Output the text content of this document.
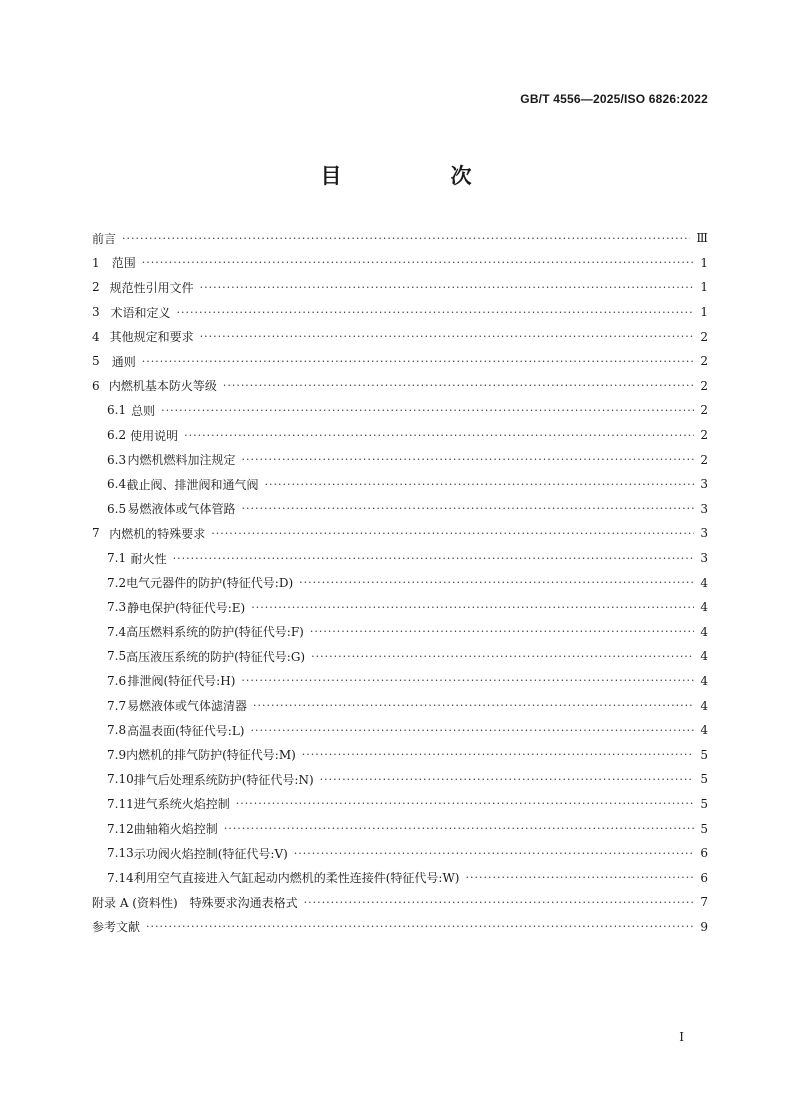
GB/T 4556—2025/ISO 6826:2022
目　次
前言 ·····	Ⅲ
1	范围 ·····	1
2 规范性引用文件 ·····	1
3 术语和定义 ·····	1
4 其他规定和要求 ·····	2
5	通则 ·····	2
6 内燃机基本防火等级 ·····	2
6.1 总则 ·····	2
6.2 使用说明 ·····	2
6.3 内燃机燃料加注规定 ·····	2
6.4 截止阀、排泄阀和通气阀 ·····	3
6.5 易燃液体或气体管路 ·····	3
7 内燃机的特殊要求 ·····	3
7.1 耐火性 ·····	3
7.2 电气元器件的防护(特征代号:D) ·····	4
7.3 静电保护(特征代号:E) ·····	4
7.4 高压燃料系统的防护(特征代号:F) ·····	4
7.5 高压液压系统的防护(特征代号:G) ·····	4
7.6 排泄阀(特征代号:H) ·····	4
7.7 易燃液体或气体滤清器 ·····	4
7.8 高温表面(特征代号:L) ·····	4
7.9 内燃机的排气防护(特征代号:M) ·····	5
7.10 排气后处理系统防护(特征代号:N) ·····	5
7.11 进气系统火焰控制 ·····	5
7.12 曲轴箱火焰控制 ·····	5
7.13 示功阀火焰控制(特征代号:V) ·····	6
7.14 利用空气直接进入气缸起动内燃机的柔性连接件(特征代号:W) ·····	6
附录 A (资料性)　特殊要求沟通表格式 ·····	7
参考文献 ·····	9
I
